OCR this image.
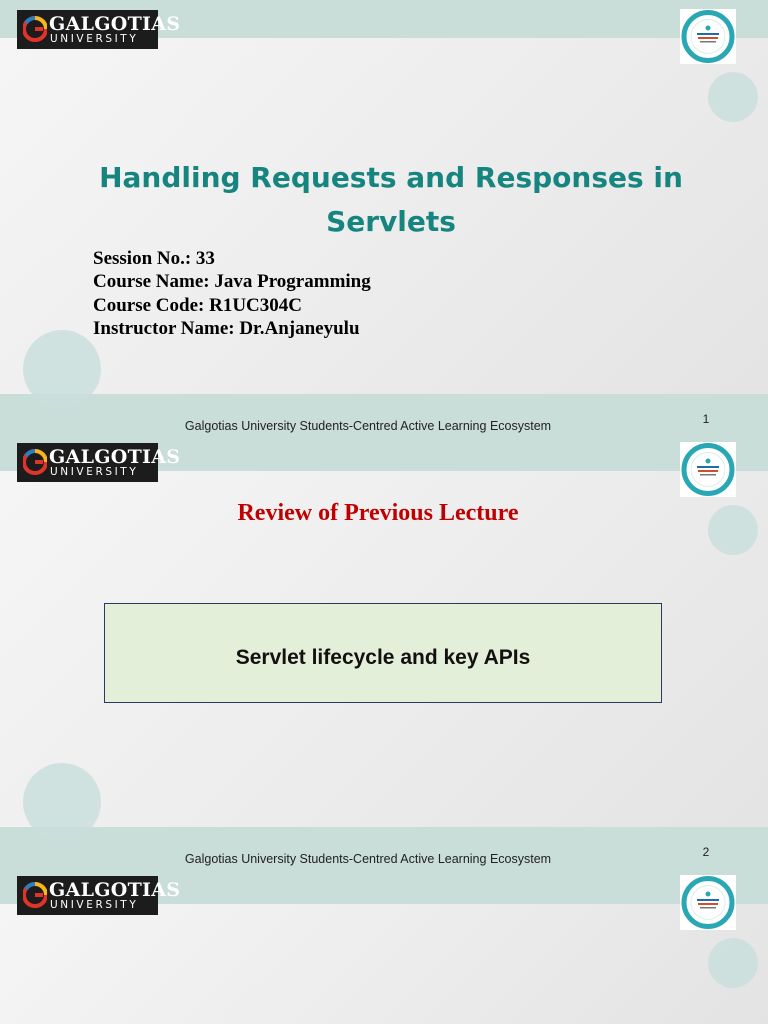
GALGOTIAS
UNIVERSITY
Handling Requests and Responses in Servlets
Session No.: 33
Course Name: Java Programming
Course Code: R1UC304C
Instructor Name: Dr.Anjaneyulu
Galgotias University Students-Centred Active Learning Ecosystem	1
GALGOTIAS
UNIVERSITY
Review of Previous Lecture
Servlet lifecycle and key APIs
Galgotias University Students-Centred Active Learning Ecosystem	2
GALGOTIAS
UNIVERSITY
